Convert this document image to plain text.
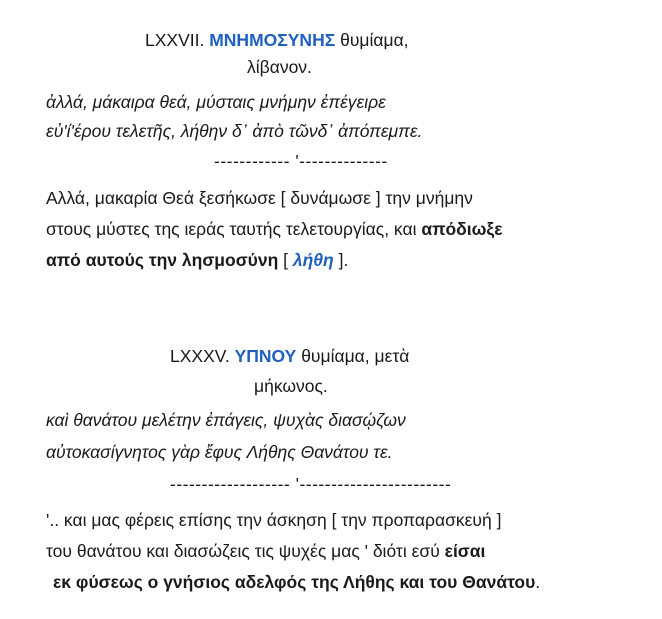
LXXVII. ΜΝΗΜΟΣΥΝΗΣ θυμίαμα,
λίβανον.
ἀλλά, μάκαιρα θεά, μύσταις μνήμην ἐπέγειρε
εὐ'ί'έρου τελετῆς, λήθην δ᾽ ἀπὸ τῶνδ᾽ ἀπόπεμπε.
------------ '--------------
Αλλά, μακαρία Θεά ξεσήκωσε [ δυνάμωσε ] την μνήμην
στους μύστες της ιεράς ταυτής τελετουργίας, και απόδιωξε
από αυτούς την λησμοσύνη [ λήθη ].
LXXXV. ΥΠΝΟΥ θυμίαμα, μετὰ
μήκωνος.
καὶ θανάτου μελέτην ἐπάγεις, ψυχὰς διασῴζων
αὐτοκασίγνητος γὰρ ἔφυς Λήθης Θανάτου τε.
------------------- '------------------------
'.. και μας φέρεις επίσης την άσκηση [ την προπαρασκευή ]
του θανάτου και διασώζεις τις ψυχές μας ' διότι εσύ είσαι
εκ φύσεως ο γνήσιος αδελφός της Λήθης και του Θανάτου.
